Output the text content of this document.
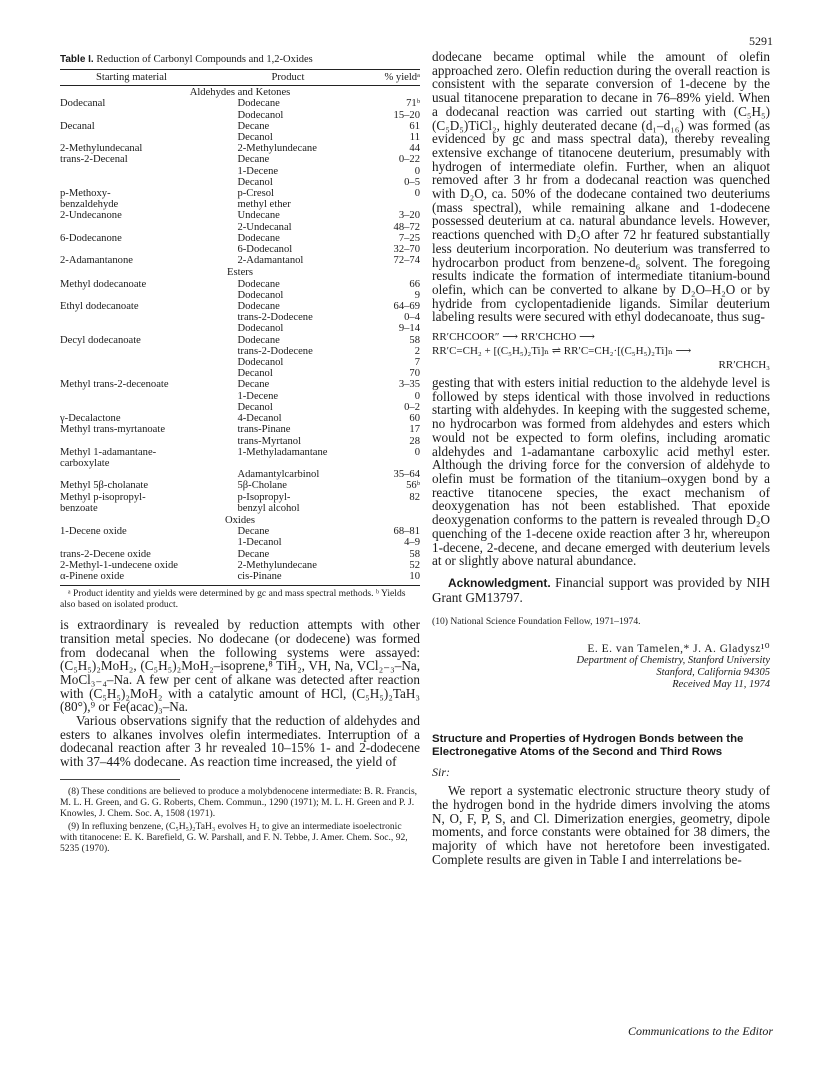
5291
Table I. Reduction of Carbonyl Compounds and 1,2-Oxides
Starting material	Product	% yieldᵃ
Aldehydes and Ketones		
Dodecanal	Dodecane	71ᵇ
	Dodecanol	15–20
Decanal	Decane	61
	Decanol	11
2-Methylundecanal	2-Methylundecane	44
trans-2-Decenal	Decane	0–22
	1-Decene	0
	Decanol	0–5
p-Methoxy-	p-Cresol	0
benzaldehyde	methyl ether	
2-Undecanone	Undecane	3–20
	2-Undecanal	48–72
6-Dodecanone	Dodecane	7–25
	6-Dodecanol	32–70
2-Adamantanone	2-Adamantanol	72–74
Esters		
Methyl dodecanoate	Dodecane	66
	Dodecanol	9
Ethyl dodecanoate	Dodecane	64–69
	trans-2-Dodecene	0–4
	Dodecanol	9–14
Decyl dodecanoate	Dodecane	58
	trans-2-Dodecene	2
	Dodecanol	7
	Decanol	70
Methyl trans-2-decenoate	Decane	3–35
	1-Decene	0
	Decanol	0–2
γ-Decalactone	4-Decanol	60
Methyl trans-myrtanoate	trans-Pinane	17
	trans-Myrtanol	28
Methyl 1-adamantane-	1-Methyladamantane	0
carboxylate		
	Adamantylcarbinol	35–64
Methyl 5β-cholanate	5β-Cholane	56ᵇ
Methyl p-isopropyl-	p-Isopropyl-	82
benzoate	benzyl alcohol	
Oxides		
1-Decene oxide	Decane	68–81
	1-Decanol	4–9
trans-2-Decene oxide	Decane	58
2-Methyl-1-undecene oxide	2-Methylundecane	52
α-Pinene oxide	cis-Pinane	10
ᵃ Product identity and yields were determined by gc and mass spectral methods. ᵇ Yields also based on isolated product.

is extraordinary is revealed by reduction attempts with other transition metal species. No dodecane (or dodecene) was formed from dodecanal when the following systems were assayed: (C₅H₅)₂MoH₂, (C₅H₅)₂MoH₂–isoprene,⁸ TiH₂, VH, Na, VCl₂₋₃–Na, MoCl₃₋₄–Na. A few per cent of alkane was detected after reaction with (C₅H₅)₂MoH₂ with a catalytic amount of HCl, (C₅H₅)₂TaH₃ (80°),⁹ or Fe(acac)₃–Na.

Various observations signify that the reduction of aldehydes and esters to alkanes involves olefin intermediates. Interruption of a dodecanal reaction after 3 hr revealed 10–15% 1- and 2-dodecene with 37–44% dodecane. As reaction time increased, the yield of

(8) These conditions are believed to produce a molybdenocene intermediate: B. R. Francis, M. L. H. Green, and G. G. Roberts, Chem. Commun., 1290 (1971); M. L. H. Green and P. J. Knowles, J. Chem. Soc. A, 1508 (1971).

(9) In refluxing benzene, (C₅H₅)₂TaH₃ evolves H₂ to give an intermediate isoelectronic with titanocene: E. K. Barefield, G. W. Parshall, and F. N. Tebbe, J. Amer. Chem. Soc., 92, 5235 (1970).

dodecane became optimal while the amount of olefin approached zero. Olefin reduction during the overall reaction is consistent with the separate conversion of 1-decene by the usual titanocene preparation to decane in 76–89% yield. When a dodecanal reaction was carried out starting with (C₅H₅)(C₅D₅)TiCl₂, highly deuterated decane (d₁–d₁₆) was formed (as evidenced by gc and mass spectral data), thereby revealing extensive exchange of titanocene deuterium, presumably with hydrogen of intermediate olefin. Further, when an aliquot removed after 3 hr from a dodecanal reaction was quenched with D₂O, ca. 50% of the dodecane contained two deuteriums (mass spectral), while remaining alkane and 1-dodecene possessed deuterium at ca. natural abundance levels. However, reactions quenched with D₂O after 72 hr featured substantially less deuterium incorporation. No deuterium was transferred to hydrocarbon product from benzene-d₆ solvent. The foregoing results indicate the formation of intermediate titanium-bound olefin, which can be converted to alkane by D₂O–H₂O or by hydride from cyclopentadienide ligands. Similar deuterium labeling results were secured with ethyl dodecanoate, thus sug-

RR′CHCOOR″ ⟶ RR′CHCHO ⟶
RR′C=CH₂ + [(C₅H₅)₂Ti]ₙ ⇌ RR′C=CH₂·[(C₅H₅)₂Ti]ₙ ⟶
RR′CHCH₃

gesting that with esters initial reduction to the aldehyde level is followed by steps identical with those involved in reductions starting with aldehydes. In keeping with the suggested scheme, no hydrocarbon was formed from aldehydes and esters which would not be expected to form olefins, including aromatic aldehydes and 1-adamantane carboxylic acid methyl ester. Although the driving force for the conversion of aldehyde to olefin must be formation of the titanium–oxygen bond by a reactive titanocene species, the exact mechanism of deoxygenation has not been established. That epoxide deoxygenation conforms to the pattern is revealed through D₂O quenching of the 1-decene oxide reaction after 3 hr, whereupon 1-decene, 2-decene, and decane emerged with deuterium levels at or slightly above natural abundance.

Acknowledgment. Financial support was provided by NIH Grant GM13797.

(10) National Science Foundation Fellow, 1971–1974.

E. E. van Tamelen,* J. A. Gladysz¹⁰
Department of Chemistry, Stanford University
Stanford, California 94305
Received May 11, 1974
Structure and Properties of Hydrogen Bonds between the Electronegative Atoms of the Second and Third Rows
Sir:

We report a systematic electronic structure theory study of the hydrogen bond in the hydride dimers involving the atoms N, O, F, P, S, and Cl. Dimerization energies, geometry, dipole moments, and force constants were obtained for 38 dimers, the majority of which have not heretofore been investigated. Complete results are given in Table I and interrelations be-

Communications to the Editor
